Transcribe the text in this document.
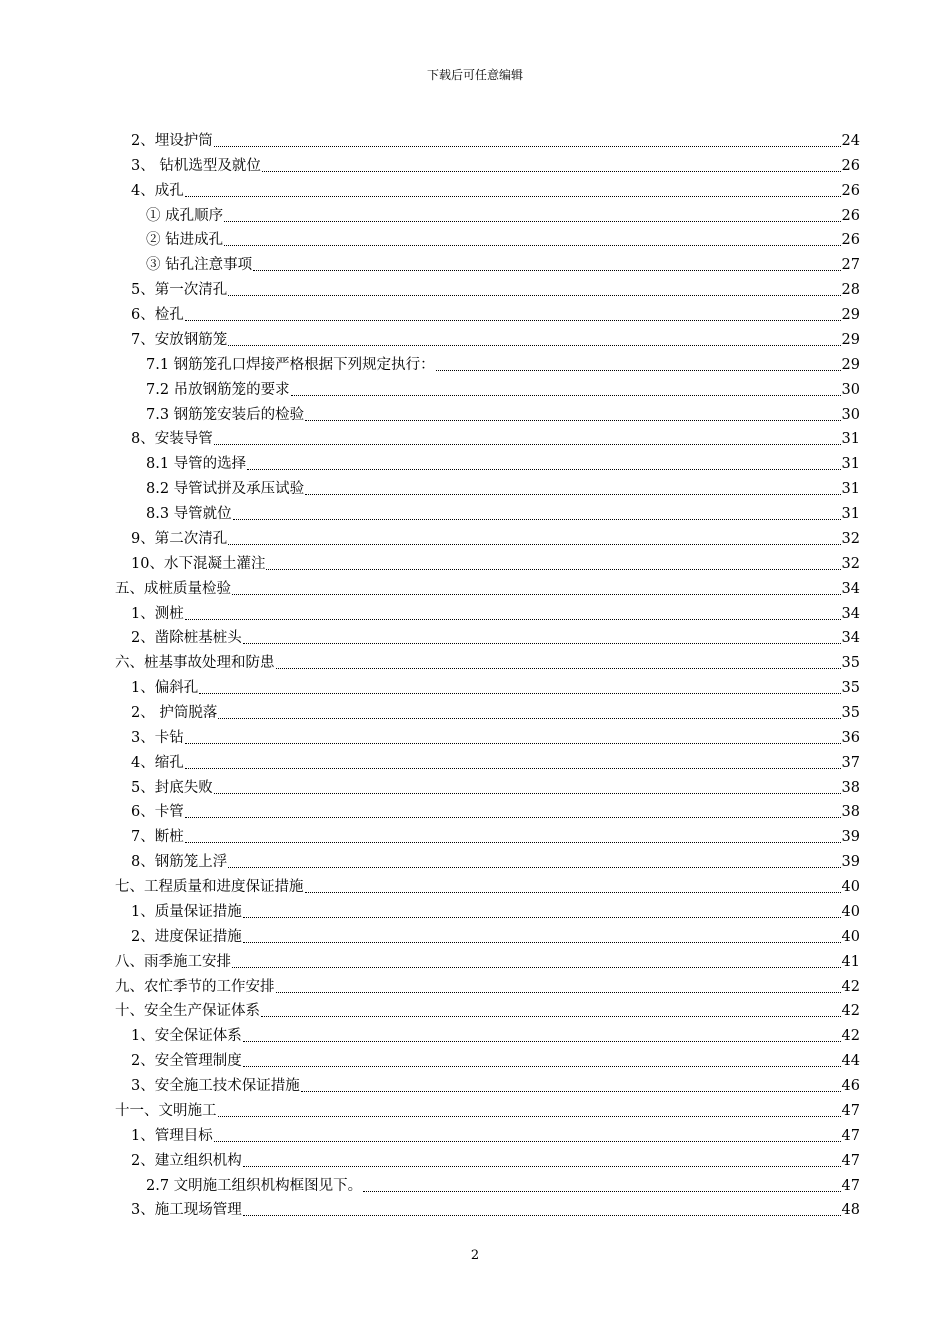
下载后可任意编辑
2、埋设护筒	24
3、 钻机选型及就位	26
4、成孔	26
① 成孔顺序	26
② 钻进成孔	26
③ 钻孔注意事项	27
5、第一次清孔	28
6、检孔	29
7、安放钢筋笼	29
7.1 钢筋笼孔口焊接严格根据下列规定执行：	29
7.2 吊放钢筋笼的要求	30
7.3 钢筋笼安装后的检验	30
8、安装导管	31
8.1 导管的选择	31
8.2 导管试拼及承压试验	31
8.3 导管就位	31
9、第二次清孔	32
10、水下混凝土灌注	32
五、成桩质量检验	34
1、测桩	34
2、凿除桩基桩头	34
六、桩基事故处理和防患	35
1、偏斜孔	35
2、 护筒脱落	35
3、卡钻	36
4、缩孔	37
5、封底失败	38
6、卡管	38
7、断桩	39
8、钢筋笼上浮	39
七、工程质量和进度保证措施	40
1、质量保证措施	40
2、进度保证措施	40
八、雨季施工安排	41
九、农忙季节的工作安排	42
十、安全生产保证体系	42
1、安全保证体系	42
2、安全管理制度	44
3、安全施工技术保证措施	46
十一、文明施工	47
1、管理目标	47
2、建立组织机构	47
2.7 文明施工组织机构框图见下。	47
3、施工现场管理	48
2
